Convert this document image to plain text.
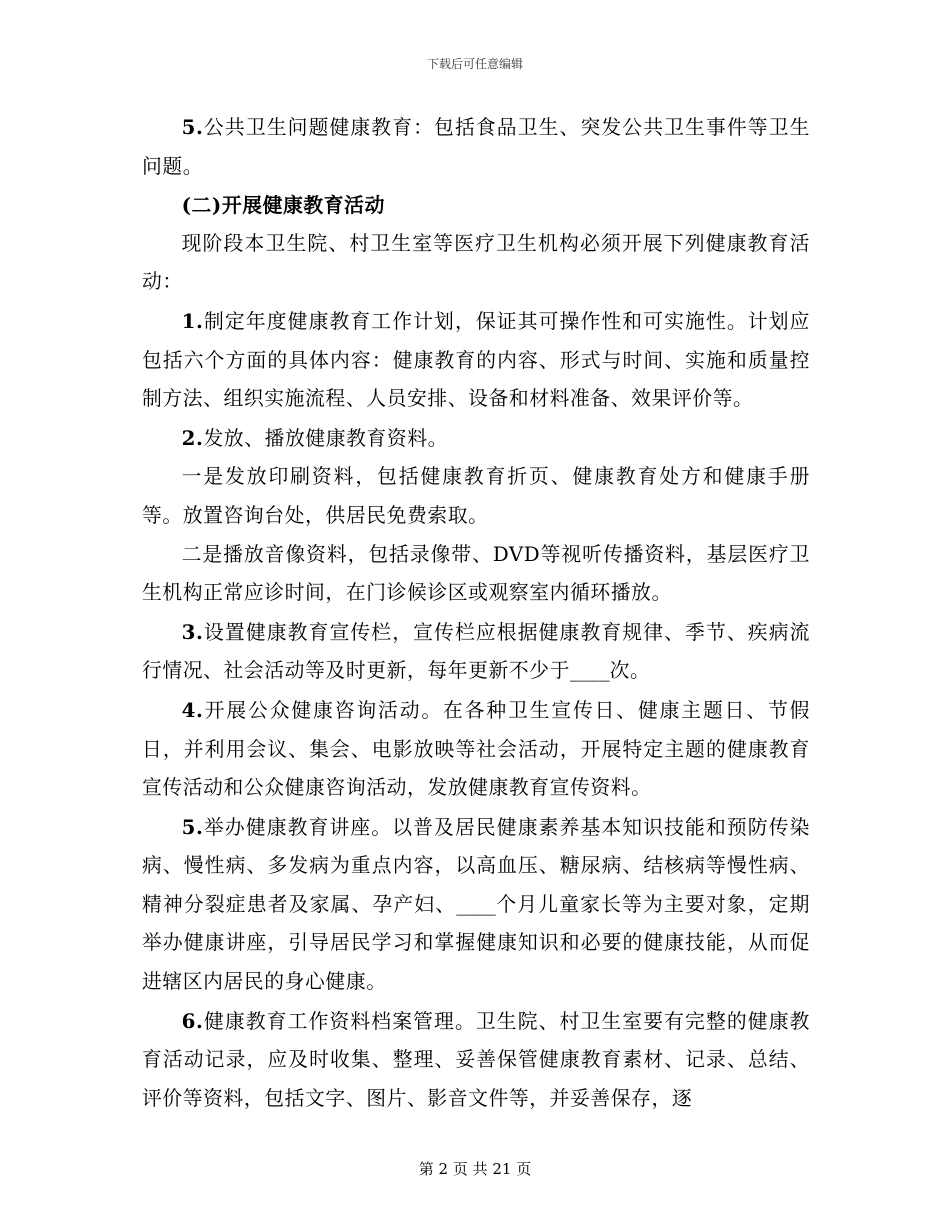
下载后可任意编辑

5.公共卫生问题健康教育：包括食品卫生、突发公共卫生事件等卫生问题。

(二)开展健康教育活动

现阶段本卫生院、村卫生室等医疗卫生机构必须开展下列健康教育活动：

1.制定年度健康教育工作计划，保证其可操作性和可实施性。计划应包括六个方面的具体内容：健康教育的内容、形式与时间、实施和质量控制方法、组织实施流程、人员安排、设备和材料准备、效果评价等。

2.发放、播放健康教育资料。

一是发放印刷资料，包括健康教育折页、健康教育处方和健康手册等。放置咨询台处，供居民免费索取。

二是播放音像资料，包括录像带、DVD等视听传播资料，基层医疗卫生机构正常应诊时间，在门诊候诊区或观察室内循环播放。

3.设置健康教育宣传栏，宣传栏应根据健康教育规律、季节、疾病流行情况、社会活动等及时更新，每年更新不少于____次。

4.开展公众健康咨询活动。在各种卫生宣传日、健康主题日、节假日，并利用会议、集会、电影放映等社会活动，开展特定主题的健康教育宣传活动和公众健康咨询活动，发放健康教育宣传资料。

5.举办健康教育讲座。以普及居民健康素养基本知识技能和预防传染病、慢性病、多发病为重点内容，以高血压、糖尿病、结核病等慢性病、精神分裂症患者及家属、孕产妇、____个月儿童家长等为主要对象，定期举办健康讲座，引导居民学习和掌握健康知识和必要的健康技能，从而促进辖区内居民的身心健康。

6.健康教育工作资料档案管理。卫生院、村卫生室要有完整的健康教育活动记录，应及时收集、整理、妥善保管健康教育素材、记录、总结、评价等资料，包括文字、图片、影音文件等，并妥善保存，逐

第 2 页 共 21 页
